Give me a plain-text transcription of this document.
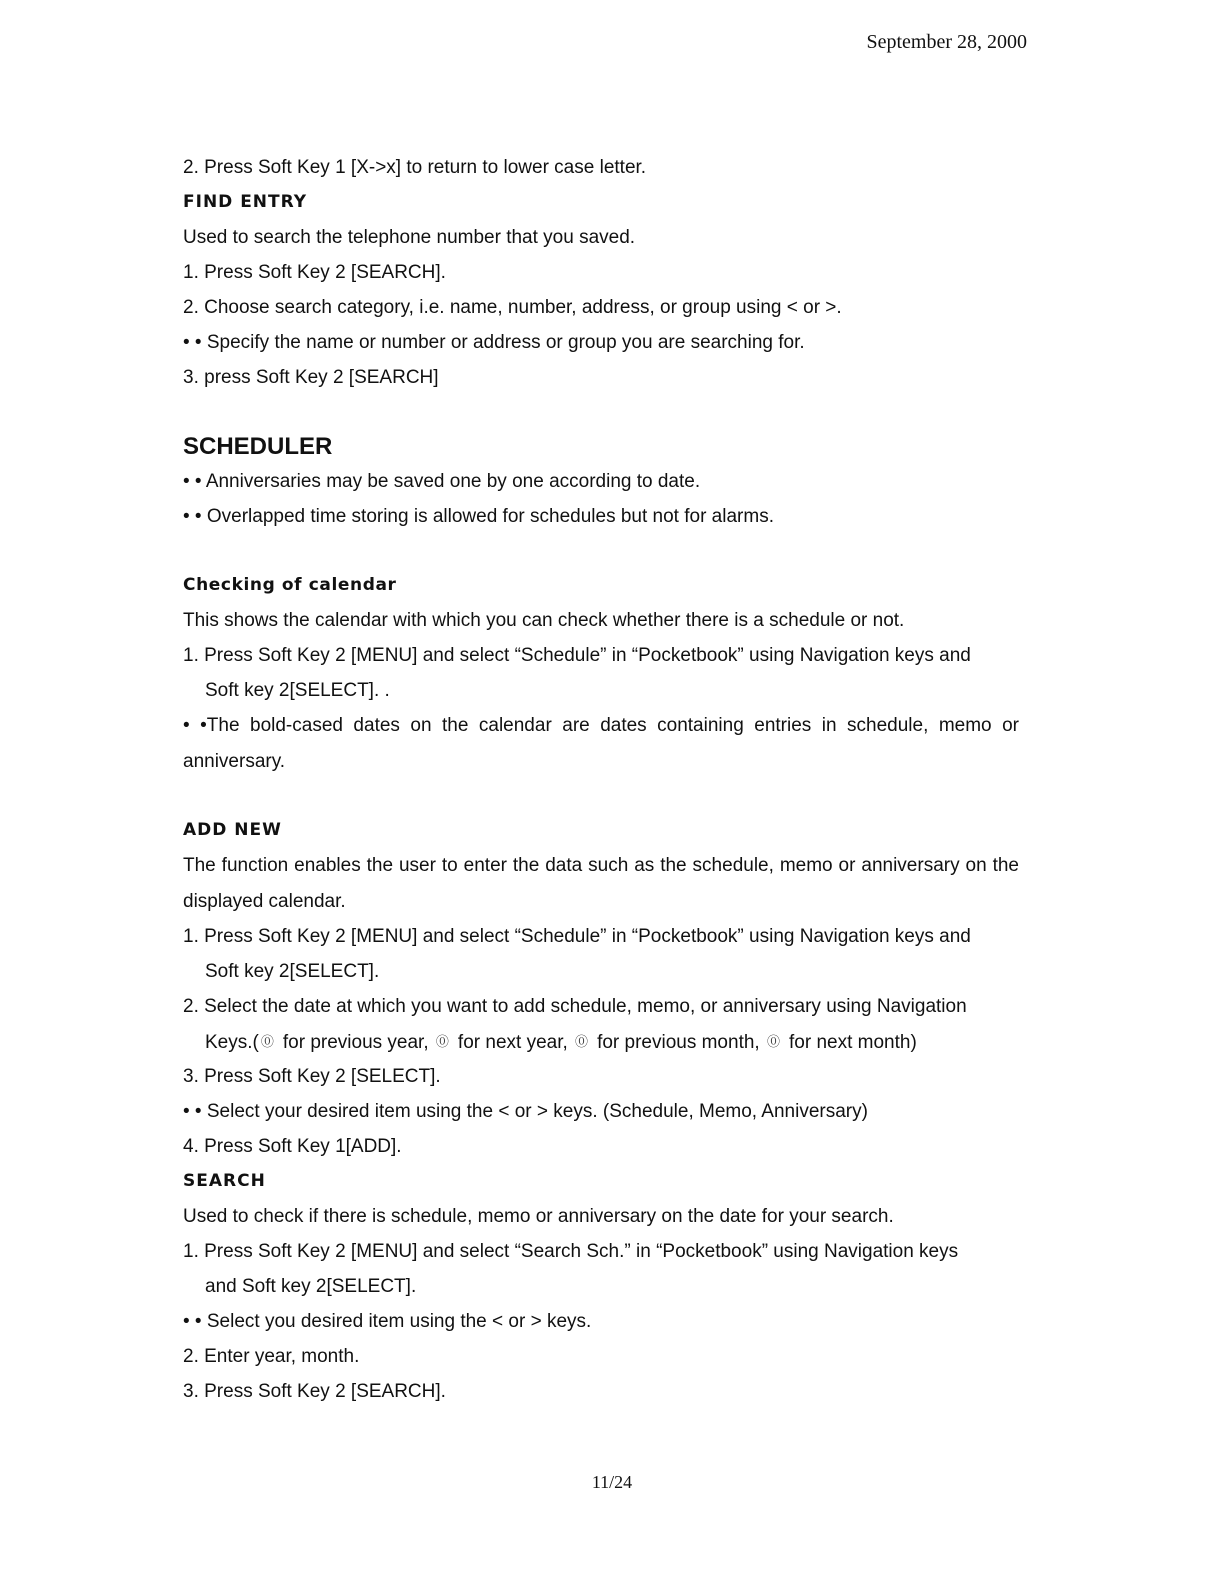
September 28, 2000
2. Press Soft Key 1 [X->x] to return to lower case letter.
FIND ENTRY
Used to search the telephone number that you saved.
1. Press Soft Key 2 [SEARCH].
2. Choose search category, i.e. name, number, address, or group using < or >.
• • Specify the name or number or address or group you are searching for.
3. press Soft Key 2 [SEARCH]
SCHEDULER
• • Anniversaries may be saved one by one according to date.
• • Overlapped time storing is allowed for schedules but not for alarms.
Checking of calendar
This shows the calendar with which you can check whether there is a schedule or not.
1. Press Soft Key 2 [MENU] and select “Schedule” in “Pocketbook” using Navigation keys and
Soft key 2[SELECT]. .
• •The bold-cased dates on the calendar are dates containing entries in schedule, memo or anniversary.
ADD NEW
The function enables the user to enter the data such as the schedule, memo or anniversary on the displayed calendar.
1. Press Soft Key 2 [MENU] and select “Schedule” in “Pocketbook” using Navigation keys and
Soft key 2[SELECT].
2. Select the date at which you want to add schedule, memo, or anniversary using Navigation
Keys.( ⓪ for previous year, ⓪ for next year, ⓪ for previous month, ⓪ for next month)
3. Press Soft Key 2 [SELECT].
• • Select your desired item using the < or > keys. (Schedule, Memo, Anniversary)
4. Press Soft Key 1[ADD].
SEARCH
Used to check if there is schedule, memo or anniversary on the date for your search.
1. Press Soft Key 2 [MENU] and select “Search Sch.” in “Pocketbook” using Navigation keys
and Soft key 2[SELECT].
• • Select you desired item using the < or > keys.
2. Enter year, month.
3. Press Soft Key 2 [SEARCH].
11/24
